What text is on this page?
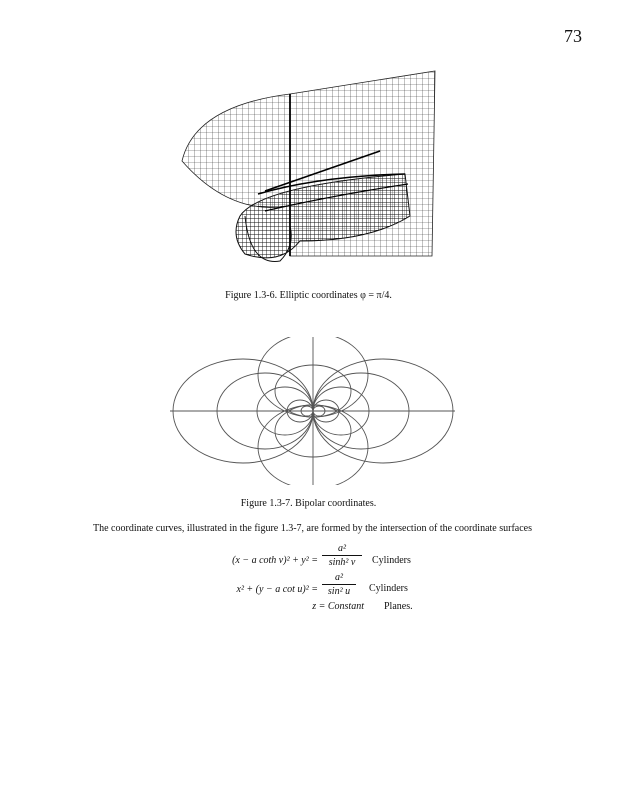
73
Figure 1.3-6. Elliptic coordinates φ = π/4.
Figure 1.3-7. Bipolar coordinates.
The coordinate curves, illustrated in the figure 1.3-7, are formed by the intersection of the coordinate surfaces
(x − a coth $v)^2 + y^2 = \frac{\text{a²}}{\text{sinh² v}}$ Cylinders
x² + (y − a $\cot u)^2 = \frac{\text{a²}}{\text{sin² u}}$ Cylinders
z = Constant Planes.
